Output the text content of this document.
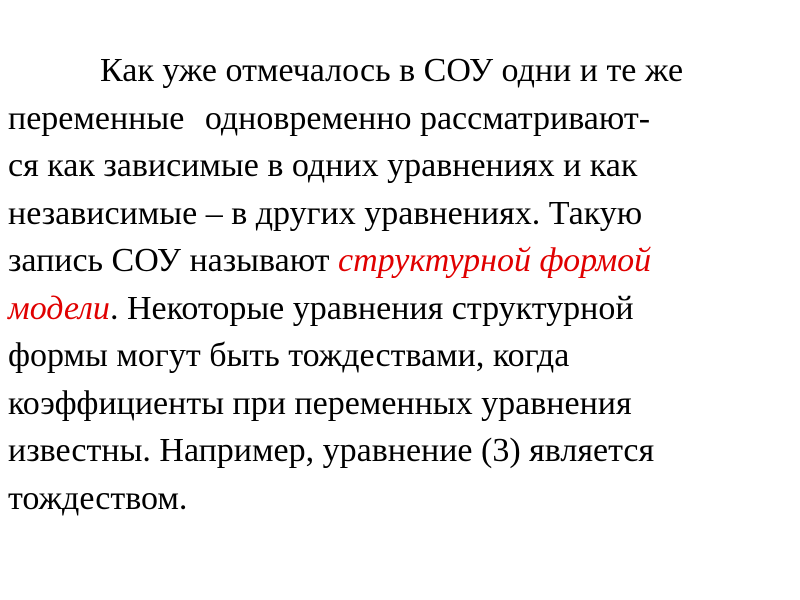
Как уже отмечалось в СОУ одни и те же
переменные одновременно рассматривают-
ся как зависимые в одних уравнениях и как
независимые – в других уравнениях. Такую
запись СОУ называют структурной формой
модели. Некоторые уравнения структурной
формы могут быть тождествами, когда
коэффициенты при переменных уравнения
известны. Например, уравнение (3) является
тождеством.
